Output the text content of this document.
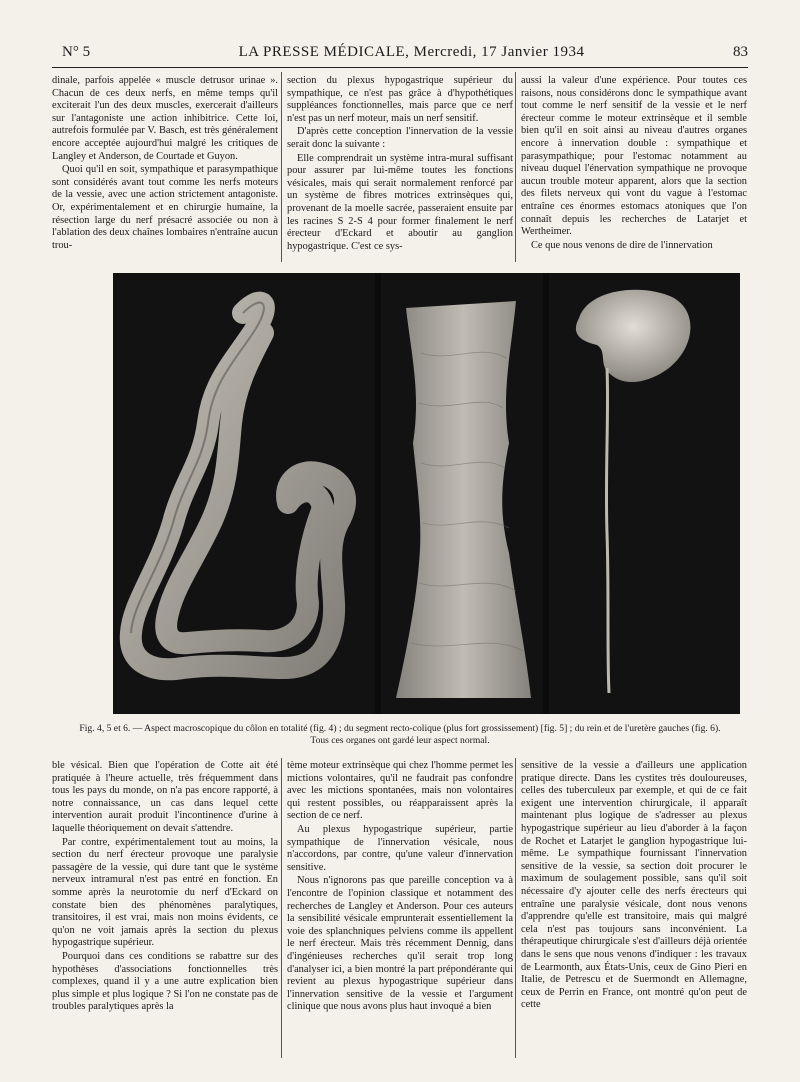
N° 5	LA PRESSE MÉDICALE, Mercredi, 17 Janvier 1934	83

dinale, parfois appelée « muscle detrusor urinae ». Chacun de ces deux nerfs, en même temps qu'il exciterait l'un des deux muscles, exercerait d'ailleurs sur l'antagoniste une action inhibitrice. Cette loi, autrefois formulée par V. Basch, est très généralement encore acceptée aujourd'hui malgré les critiques de Langley et Anderson, de Courtade et Guyon.

Quoi qu'il en soit, sympathique et parasympathique sont considérés avant tout comme les nerfs moteurs de la vessie, avec une action strictement antagoniste. Or, expérimentalement et en chirurgie humaine, la résection large du nerf présacré associée ou non à l'ablation des deux chaînes lombaires n'entraîne aucun trou-

section du plexus hypogastrique supérieur du sympathique, ce n'est pas grâce à d'hypothétiques suppléances fonctionnelles, mais parce que ce nerf n'est pas un nerf moteur, mais un nerf sensitif.

D'après cette conception l'innervation de la vessie serait donc la suivante :

Elle comprendrait un système intra-mural suffisant pour assurer par lui-même toutes les fonctions vésicales, mais qui serait normalement renforcé par un système de fibres motrices extrinsèques qui, provenant de la moelle sacrée, passeraient ensuite par les racines S 2-S 4 pour former finalement le nerf érecteur d'Eckard et aboutir au ganglion hypogastrique. C'est ce sys-

aussi la valeur d'une expérience. Pour toutes ces raisons, nous considérons donc le sympathique avant tout comme le nerf sensitif de la vessie et le nerf érecteur comme le moteur extrinsèque et il semble bien qu'il en soit ainsi au niveau d'autres organes encore à innervation double : sympathique et parasympathique; pour l'estomac notamment au niveau duquel l'énervation sympathique ne provoque aucun trouble moteur apparent, alors que la section des filets nerveux qui vont du vague à l'estomac entraîne ces énormes estomacs atoniques que l'on connaît depuis les recherches de Latarjet et Wertheimer.

Ce que nous venons de dire de l'innervation

Fig. 4, 5 et 6. — Aspect macroscopique du côlon en totalité (fig. 4) ; du segment recto-colique (plus fort grossissement) [fig. 5] ; du rein et de l'uretère gauches (fig. 6).
Tous ces organes ont gardé leur aspect normal.

ble vésical. Bien que l'opération de Cotte ait été pratiquée à l'heure actuelle, très fréquemment dans tous les pays du monde, on n'a pas encore rapporté, à notre connaissance, un cas dans lequel cette intervention aurait produit l'incontinence d'urine à laquelle théoriquement on devait s'attendre.

Par contre, expérimentalement tout au moins, la section du nerf érecteur provoque une paralysie passagère de la vessie, qui dure tant que le système nerveux intramural n'est pas entré en fonction. En somme après la neurotomie du nerf d'Eckard on constate bien des phénomènes paralytiques, transitoires, il est vrai, mais non moins évidents, ce qu'on ne voit jamais après la section du plexus hypogastrique supérieur.

Pourquoi dans ces conditions se rabattre sur des hypothèses d'associations fonctionnelles très complexes, quand il y a une autre explication bien plus simple et plus logique ? Si l'on ne constate pas de troubles paralytiques après la

tème moteur extrinsèque qui chez l'homme permet les mictions volontaires, qu'il ne faudrait pas confondre avec les mictions spontanées, mais non volontaires qui restent possibles, ou réapparaissent après la section de ce nerf.

Au plexus hypogastrique supérieur, partie sympathique de l'innervation vésicale, nous n'accordons, par contre, qu'une valeur d'innervation sensitive.

Nous n'ignorons pas que pareille conception va à l'encontre de l'opinion classique et notamment des recherches de Langley et Anderson. Pour ces auteurs la sensibilité vésicale emprunterait essentiellement la voie des splanchniques pelviens comme ils appellent le nerf érecteur. Mais très récemment Dennig, dans d'ingénieuses recherches qu'il serait trop long d'analyser ici, a bien montré la part prépondérante qui revient au plexus hypogastrique supérieur dans l'innervation sensitive de la vessie et l'argument clinique que nous avons plus haut invoqué a bien

sensitive de la vessie a d'ailleurs une application pratique directe. Dans les cystites très douloureuses, celles des tuberculeux par exemple, et qui de ce fait exigent une intervention chirurgicale, il apparaît maintenant plus logique de s'adresser au plexus hypogastrique supérieur au lieu d'aborder à la façon de Rochet et Latarjet le ganglion hypogastrique lui-même. Le sympathique fournissant l'innervation sensitive de la vessie, sa section doit procurer le maximum de soulagement possible, sans qu'il soit nécessaire d'y ajouter celle des nerfs érecteurs qui entraîne une paralysie vésicale, dont nous venons d'apprendre qu'elle est transitoire, mais qui malgré cela n'est pas toujours sans inconvénient. La thérapeutique chirurgicale s'est d'ailleurs déjà orientée dans le sens que nous venons d'indiquer : les travaux de Learmonth, aux États-Unis, ceux de Gino Pieri en Italie, de Petrescu et de Suermondt en Allemagne, ceux de Perrin en France, ont montré qu'on peut de cette
